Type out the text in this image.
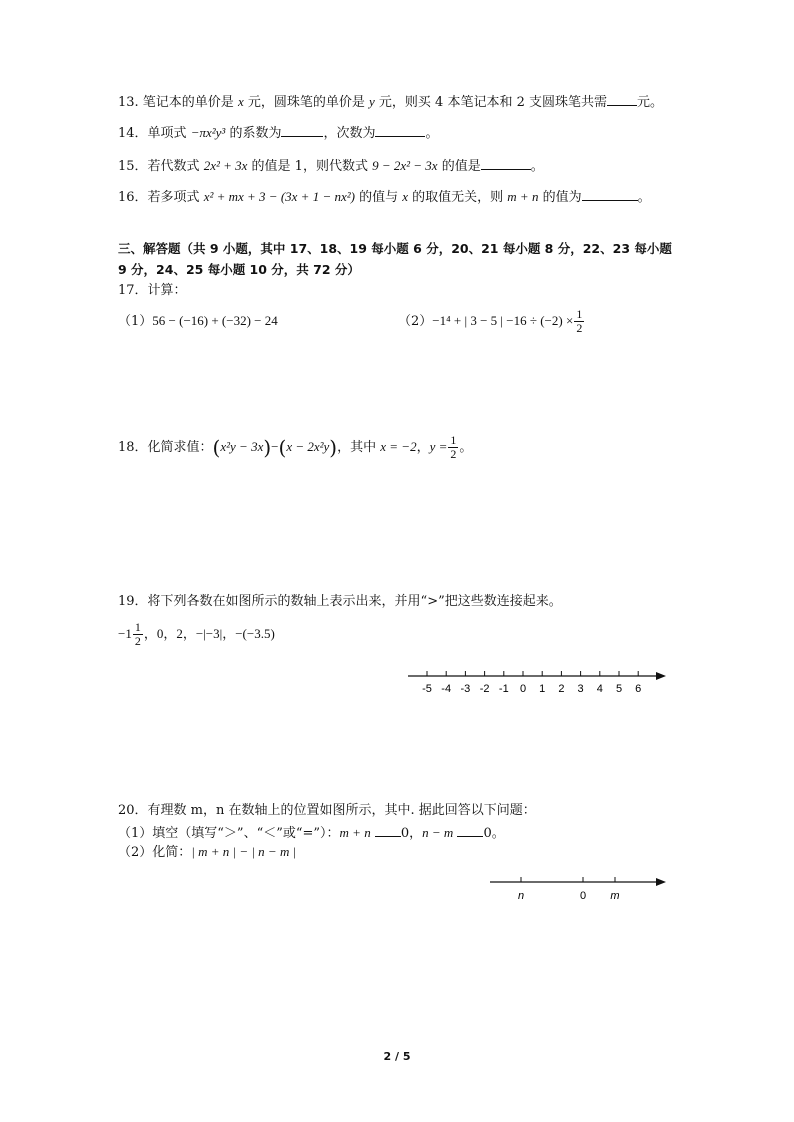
13. 笔记本的单价是 x 元，圆珠笔的单价是 y 元，则买 4 本笔记本和 2 支圆珠笔共需 元。
14．单项式 −πx²y³ 的系数为	，次数为	。
15．若代数式 2x² + 3x 的值是 1，则代数式 9 − 2x² − 3x 的值是	。
16．若多项式 x² + mx + 3 − (3x + 1 − nx²) 的值与 x 的取值无关，则 m + n 的值为	。
三、解答题（共 9 小题，其中 17、18、19 每小题 6 分，20、21 每小题 8 分，22、23 每小题
9 分，24、25 每小题 10 分，共 72 分）
17．计算：
（1）56 − (−16) + (−32) − 24	（2）−1⁴ + | 3 − 5 | $-16 \div (-2) \times \frac{1}{2}$
18．化简求值：(x²y − 3x)−(x − 2x²y)，其中 x = −2，$y = \frac{1}{2}$ 。
19．将下列各数在如图所示的数轴上表示出来，并用“>”把这些数连接起来。
$-1 \frac{1}{2}$ ，0，2，−|−3|，−(−3.5)
-5 -4 -3 -2 -1 0 1 2 3 4 5 6
n	0 m
20．有理数 m，n 在数轴上的位置如图所示，其中. 据此回答以下问题：
（1）填空（填写“＞”、“＜”或“=”）：m + n 0，n − m 0。
（2）化简：| m + n | − | n − m |
2 / 5
